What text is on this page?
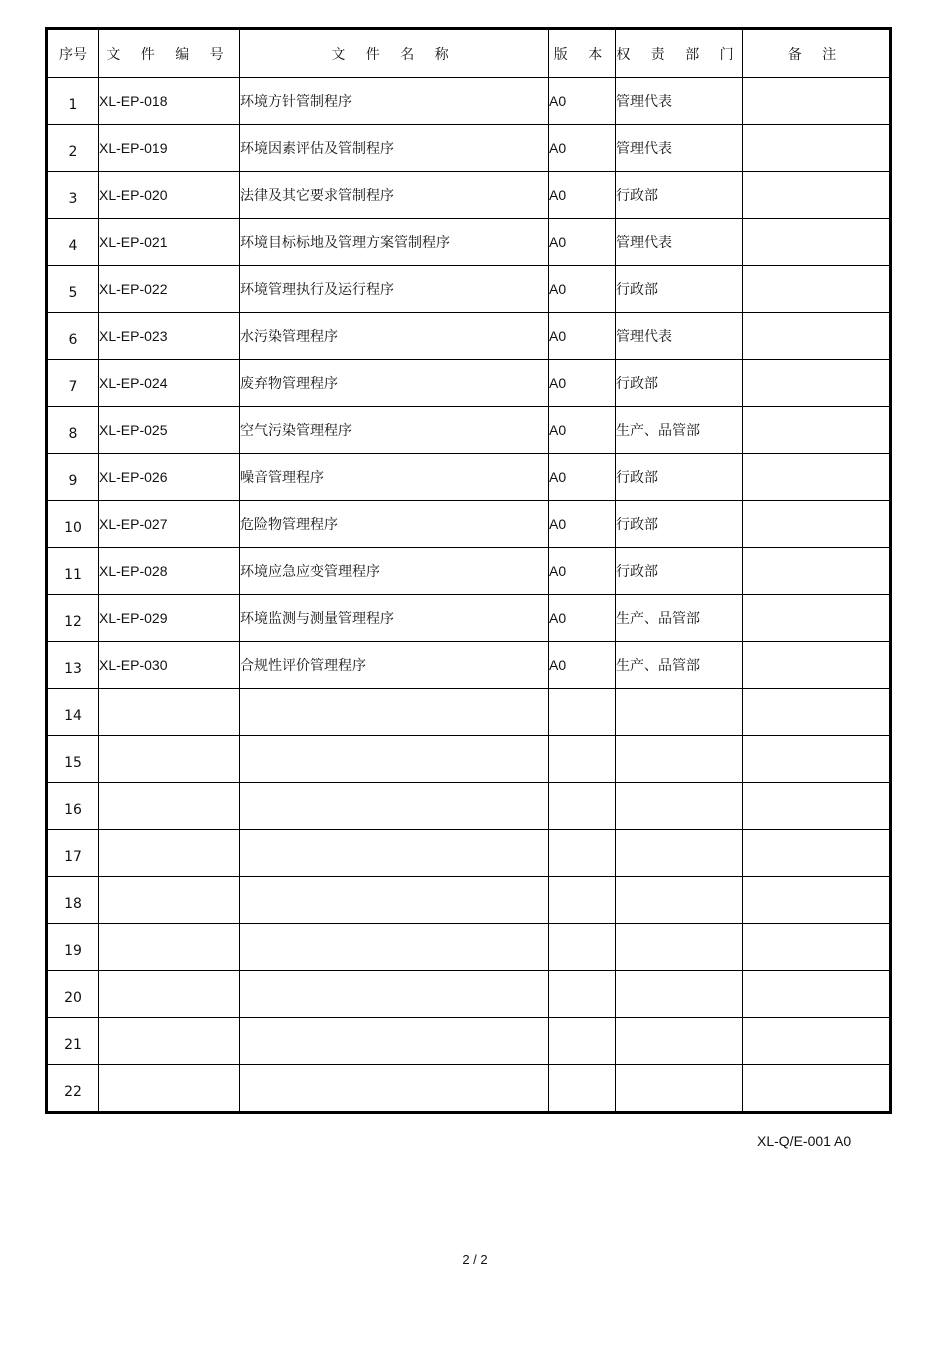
序号	文 件 编 号	文 件 名 称	版 本	权 责 部 门	备 注
1	XL-EP-018	环境方针管制程序	A0	管理代表	
2	XL-EP-019	环境因素评估及管制程序	A0	管理代表	
3	XL-EP-020	法律及其它要求管制程序	A0	行政部	
4	XL-EP-021	环境目标标地及管理方案管制程序	A0	管理代表	
5	XL-EP-022	环境管理执行及运行程序	A0	行政部	
6	XL-EP-023	水污染管理程序	A0	管理代表	
7	XL-EP-024	废弃物管理程序	A0	行政部	
8	XL-EP-025	空气污染管理程序	A0	生产、品管部	
9	XL-EP-026	噪音管理程序	A0	行政部	
10	XL-EP-027	危险物管理程序	A0	行政部	
11	XL-EP-028	环境应急应变管理程序	A0	行政部	
12	XL-EP-029	环境监测与测量管理程序	A0	生产、品管部	
13	XL-EP-030	合规性评价管理程序	A0	生产、品管部	
14					
15					
16					
17					
18					
19					
20					
21					
22					
XL-Q/E-001 A0
2 / 2
